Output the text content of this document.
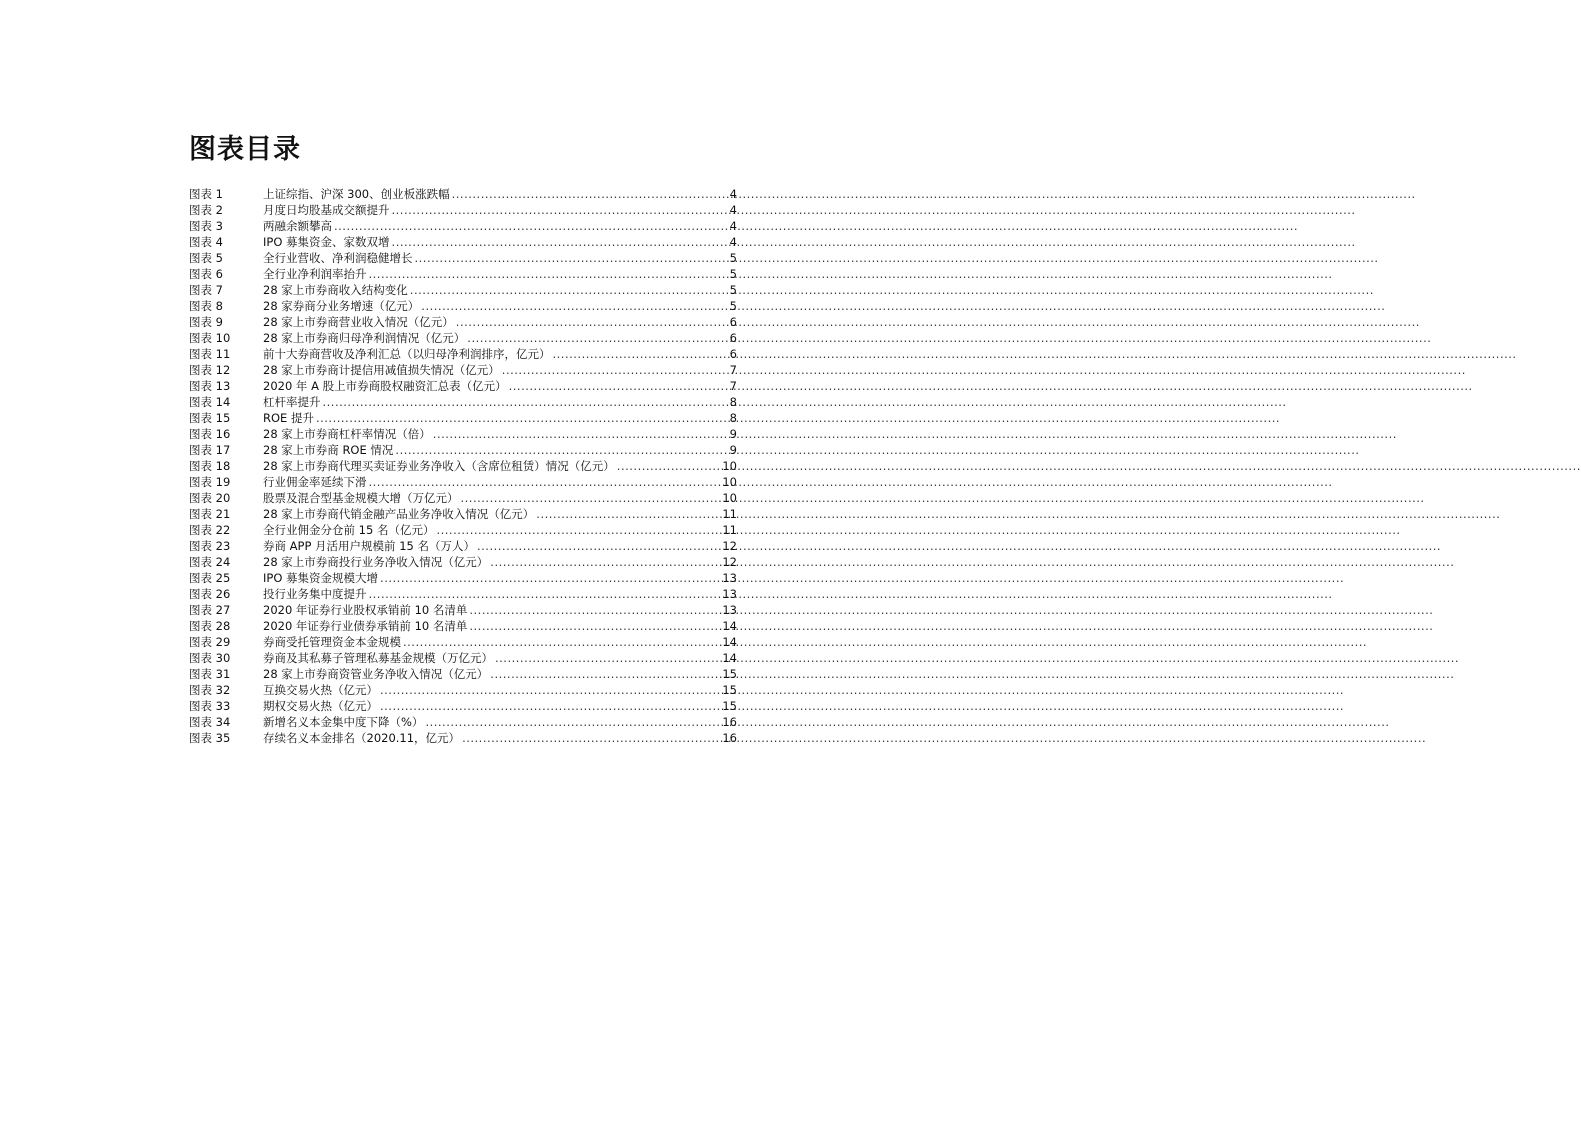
图表目录
图表 1	上证综指、沪深 300、创业板涨跌幅 .....	4
图表 2	月度日均股基成交额提升 .....	4
图表 3	两融余额攀高 .....	4
图表 4	IPO 募集资金、家数双增 .....	4
图表 5	全行业营收、净利润稳健增长 .....	5
图表 6	全行业净利润率抬升 .....	5
图表 7	28 家上市券商收入结构变化 .....	5
图表 8	28 家券商分业务增速（亿元） .....	5
图表 9	28 家上市券商营业收入情况（亿元） .....	6
图表 10	28 家上市券商归母净利润情况（亿元） .....	6
图表 11	前十大券商营收及净利汇总（以归母净利润排序，亿元） .....	6
图表 12	28 家上市券商计提信用减值损失情况（亿元） .....	7
图表 13	2020 年 A 股上市券商股权融资汇总表（亿元） .....	7
图表 14	杠杆率提升 .....	8
图表 15	ROE 提升 .....	8
图表 16	28 家上市券商杠杆率情况（倍） .....	9
图表 17	28 家上市券商 ROE 情况 .....	9
图表 18	28 家上市券商代理买卖证券业务净收入（含席位租赁）情况（亿元） .....	10
图表 19	行业佣金率延续下滑 .....	10
图表 20	股票及混合型基金规模大增（万亿元） .....	10
图表 21	28 家上市券商代销金融产品业务净收入情况（亿元） .....	11
图表 22	全行业佣金分仓前 15 名（亿元） .....	11
图表 23	券商 APP 月活用户规模前 15 名（万人） .....	12
图表 24	28 家上市券商投行业务净收入情况（亿元） .....	12
图表 25	IPO 募集资金规模大增 .....	13
图表 26	投行业务集中度提升 .....	13
图表 27	2020 年证券行业股权承销前 10 名清单 .....	13
图表 28	2020 年证券行业债券承销前 10 名清单 .....	14
图表 29	券商受托管理资金本金规模 .....	14
图表 30	券商及其私募子管理私募基金规模（万亿元） .....	14
图表 31	28 家上市券商资管业务净收入情况（亿元） .....	15
图表 32	互换交易火热（亿元） .....	15
图表 33	期权交易火热（亿元） .....	15
图表 34	新增名义本金集中度下降（%） .....	16
图表 35	存续名义本金排名（2020.11，亿元） .....	16
